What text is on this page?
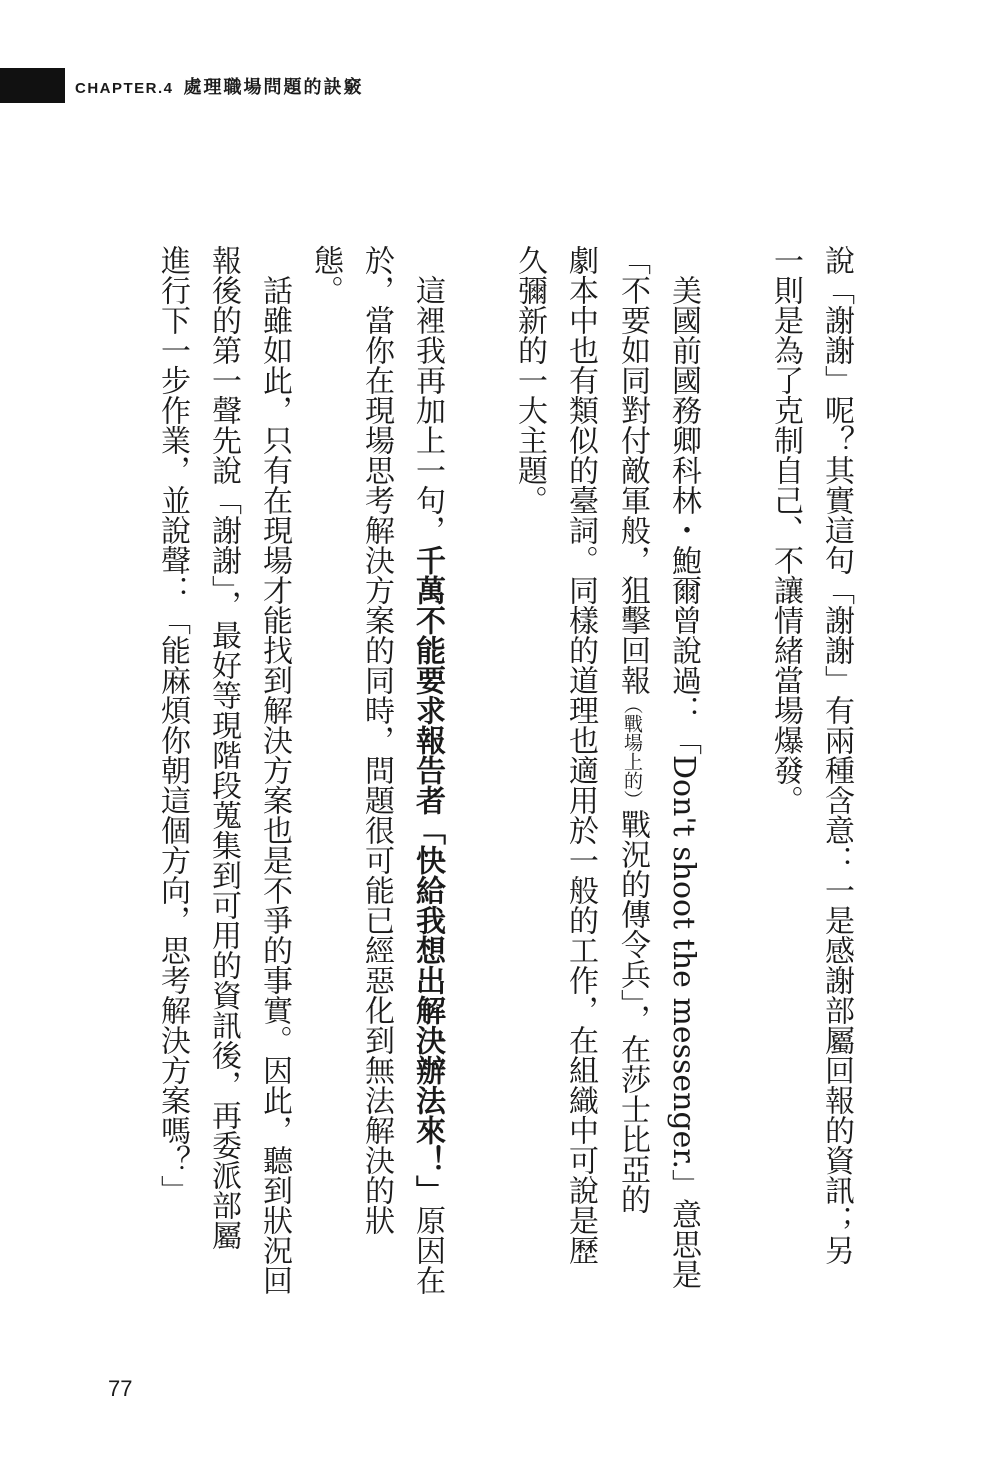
CHAPTER.4 處理職場問題的訣竅
說「謝謝」呢？其實這句「謝謝」有兩種含意：一是感謝部屬回報的資訊；另
一則是為了克制自己、不讓情緒當場爆發。
美國前國務卿科林・鮑爾曾說過：「Don't shoot the messenger.」意思是
「不要如同對付敵軍般，狙擊回報（戰場上的）戰況的傳令兵」，在莎士比亞的
劇本中也有類似的臺詞。同樣的道理也適用於一般的工作，在組織中可說是歷
久彌新的一大主題。
這裡我再加上一句，千萬不能要求報告者「快給我想出解決辦法來！」原因在
於，當你在現場思考解決方案的同時，問題很可能已經惡化到無法解決的狀
態。
話雖如此，只有在現場才能找到解決方案也是不爭的事實。因此，聽到狀況回
報後的第一聲先說「謝謝」，最好等現階段蒐集到可用的資訊後，再委派部屬
進行下一步作業，並說聲：「能麻煩你朝這個方向，思考解決方案嗎？」
77
